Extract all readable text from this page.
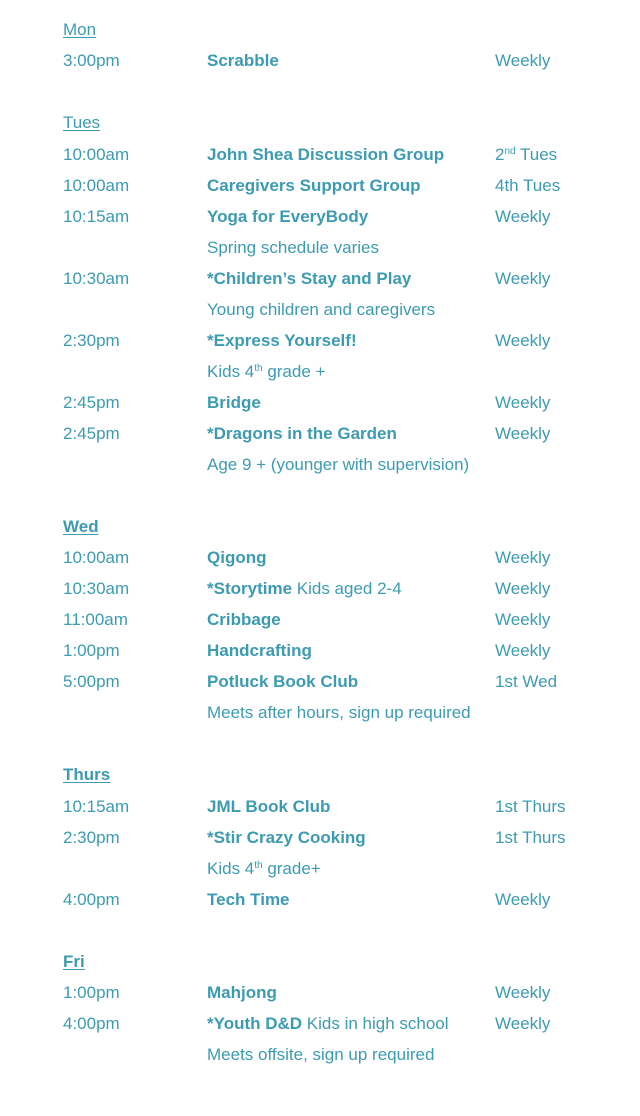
Mon
3:00pm	Scrabble	Weekly
Tues
10:00am	John Shea Discussion Group	2nd Tues
10:00am	Caregivers Support Group	4th Tues
10:15am	Yoga for EveryBody	Weekly
Spring schedule varies
10:30am	*Children’s Stay and Play	Weekly
Young children and caregivers
2:30pm	*Express Yourself!	Weekly
Kids 4th grade +
2:45pm	Bridge	Weekly
2:45pm	*Dragons in the Garden	Weekly
Age 9 + (younger with supervision)
Wed
10:00am	Qigong	Weekly
10:30am	*Storytime Kids aged 2-4	Weekly
11:00am	Cribbage	Weekly
1:00pm	Handcrafting	Weekly
5:00pm	Potluck Book Club	1st Wed
Meets after hours, sign up required
Thurs
10:15am	JML Book Club	1st Thurs
2:30pm	*Stir Crazy Cooking	1st Thurs
Kids 4th grade+
4:00pm	Tech Time	Weekly
Fri
1:00pm	Mahjong	Weekly
4:00pm	*Youth D&D Kids in high school	Weekly
Meets offsite, sign up required
